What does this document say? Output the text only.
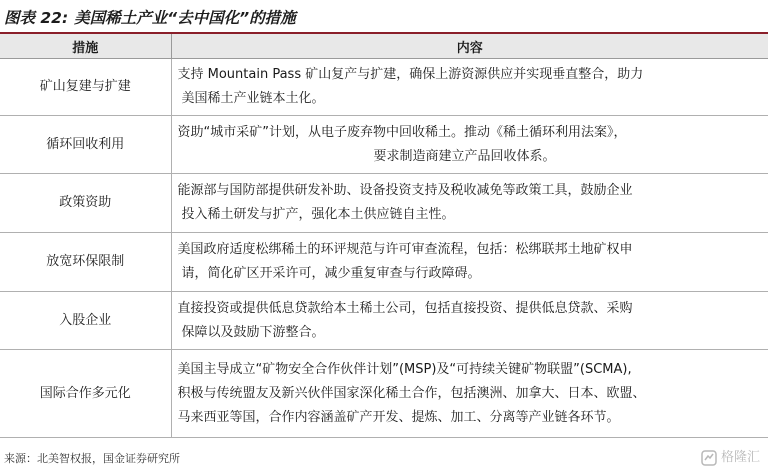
图表 22: 美国稀土产业“去中国化”的措施
措施	内容
矿山复建与扩建	支持 Mountain Pass 矿山复产与扩建，确保上游资源供应并实现垂直整合，助力
美国稀土产业链本土化。

循环回收利用	资助“城市采矿”计划，从电子废弃物中回收稀土。推动《稀土循环利用法案》，
要求制造商建立产品回收体系。

政策资助	能源部与国防部提供研发补助、设备投资支持及税收减免等政策工具，鼓励企业
投入稀土研发与扩产，强化本土供应链自主性。

放宽环保限制	美国政府适度松绑稀土的环评规范与许可审查流程，包括：松绑联邦土地矿权申
请，简化矿区开采许可，减少重复审查与行政障碍。

入股企业	直接投资或提供低息贷款给本土稀土公司，包括直接投资、提供低息贷款、采购
保障以及鼓励下游整合。

国际合作多元化	美国主导成立“矿物安全合作伙伴计划”(MSP)及“可持续关键矿物联盟”(SCMA),
积极与传统盟友及新兴伙伴国家深化稀土合作，包括澳洲、加拿大、日本、欧盟、
马来西亚等国，合作内容涵盖矿产开发、提炼、加工、分离等产业链各环节。
来源：北美智权报，国金证券研究所	格隆汇
